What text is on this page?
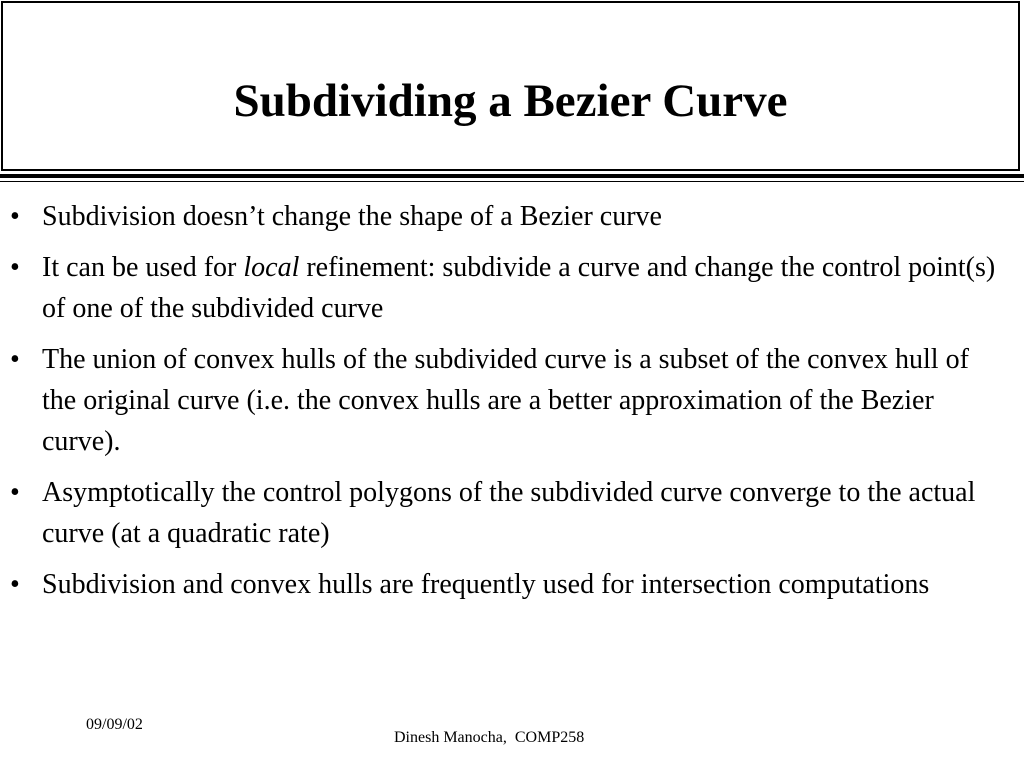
Subdividing a Bezier Curve
• Subdivision doesn’t change the shape of a Bezier curve
• It can be used for local refinement: subdivide a curve and change the control point(s) of one of the subdivided curve
• The union of convex hulls of the subdivided curve is a subset of the convex hull of the original curve (i.e. the convex hulls are a better approximation of the Bezier curve).
• Asymptotically the control polygons of the subdivided curve converge to the actual curve (at a quadratic rate)
• Subdivision and convex hulls are frequently used for intersection computations
09/09/02
Dinesh Manocha,  COMP258
